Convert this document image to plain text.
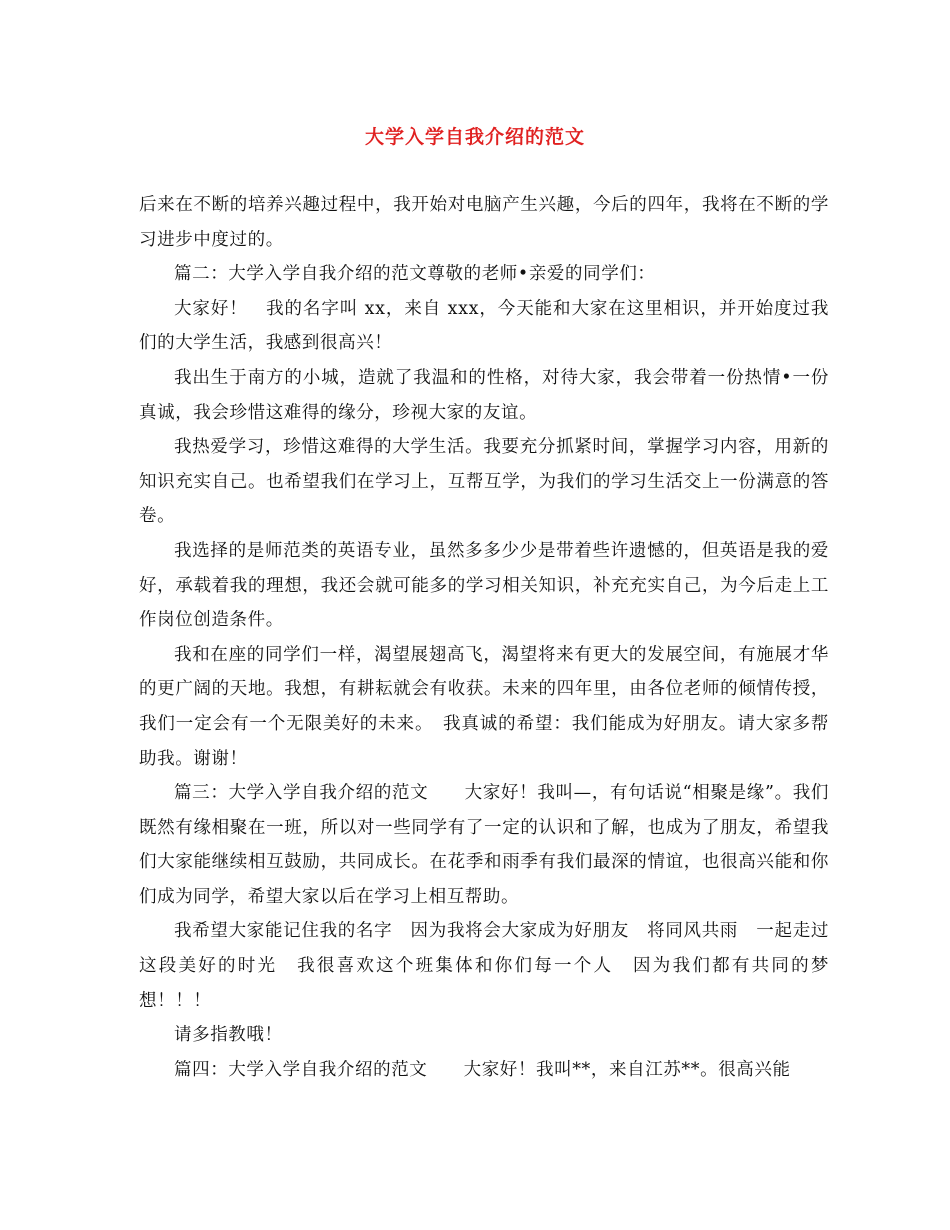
大学入学自我介绍的范文

后来在不断的培养兴趣过程中，我开始对电脑产生兴趣，今后的四年，我将在不断的学习进步中度过的。

篇二：大学入学自我介绍的范文尊敬的老师•亲爱的同学们：

大家好！　我的名字叫 xx，来自 xxx，今天能和大家在这里相识，并开始度过我们的大学生活，我感到很高兴！

我出生于南方的小城，造就了我温和的性格，对待大家，我会带着一份热情•一份真诚，我会珍惜这难得的缘分，珍视大家的友谊。

我热爱学习，珍惜这难得的大学生活。我要充分抓紧时间，掌握学习内容，用新的知识充实自己。也希望我们在学习上，互帮互学，为我们的学习生活交上一份满意的答卷。

我选择的是师范类的英语专业，虽然多多少少是带着些许遗憾的，但英语是我的爱好，承载着我的理想，我还会就可能多的学习相关知识，补充充实自己，为今后走上工作岗位创造条件。

我和在座的同学们一样，渴望展翅高飞，渴望将来有更大的发展空间，有施展才华的更广阔的天地。我想，有耕耘就会有收获。未来的四年里，由各位老师的倾情传授，我们一定会有一个无限美好的未来。　我真诚的希望：我们能成为好朋友。请大家多帮助我。谢谢！

篇三：大学入学自我介绍的范文　　大家好！我叫—，有句话说“相聚是缘”。我们既然有缘相聚在一班，所以对一些同学有了一定的认识和了解，也成为了朋友，希望我们大家能继续相互鼓励，共同成长。在花季和雨季有我们最深的情谊，也很高兴能和你们成为同学，希望大家以后在学习上相互帮助。

我希望大家能记住我的名字　因为我将会大家成为好朋友　将同风共雨　一起走过这段美好的时光　我很喜欢这个班集体和你们每一个人　因为我们都有共同的梦想！！！

请多指教哦！

篇四：大学入学自我介绍的范文　　大家好！我叫**，来自江苏**。很高兴能
